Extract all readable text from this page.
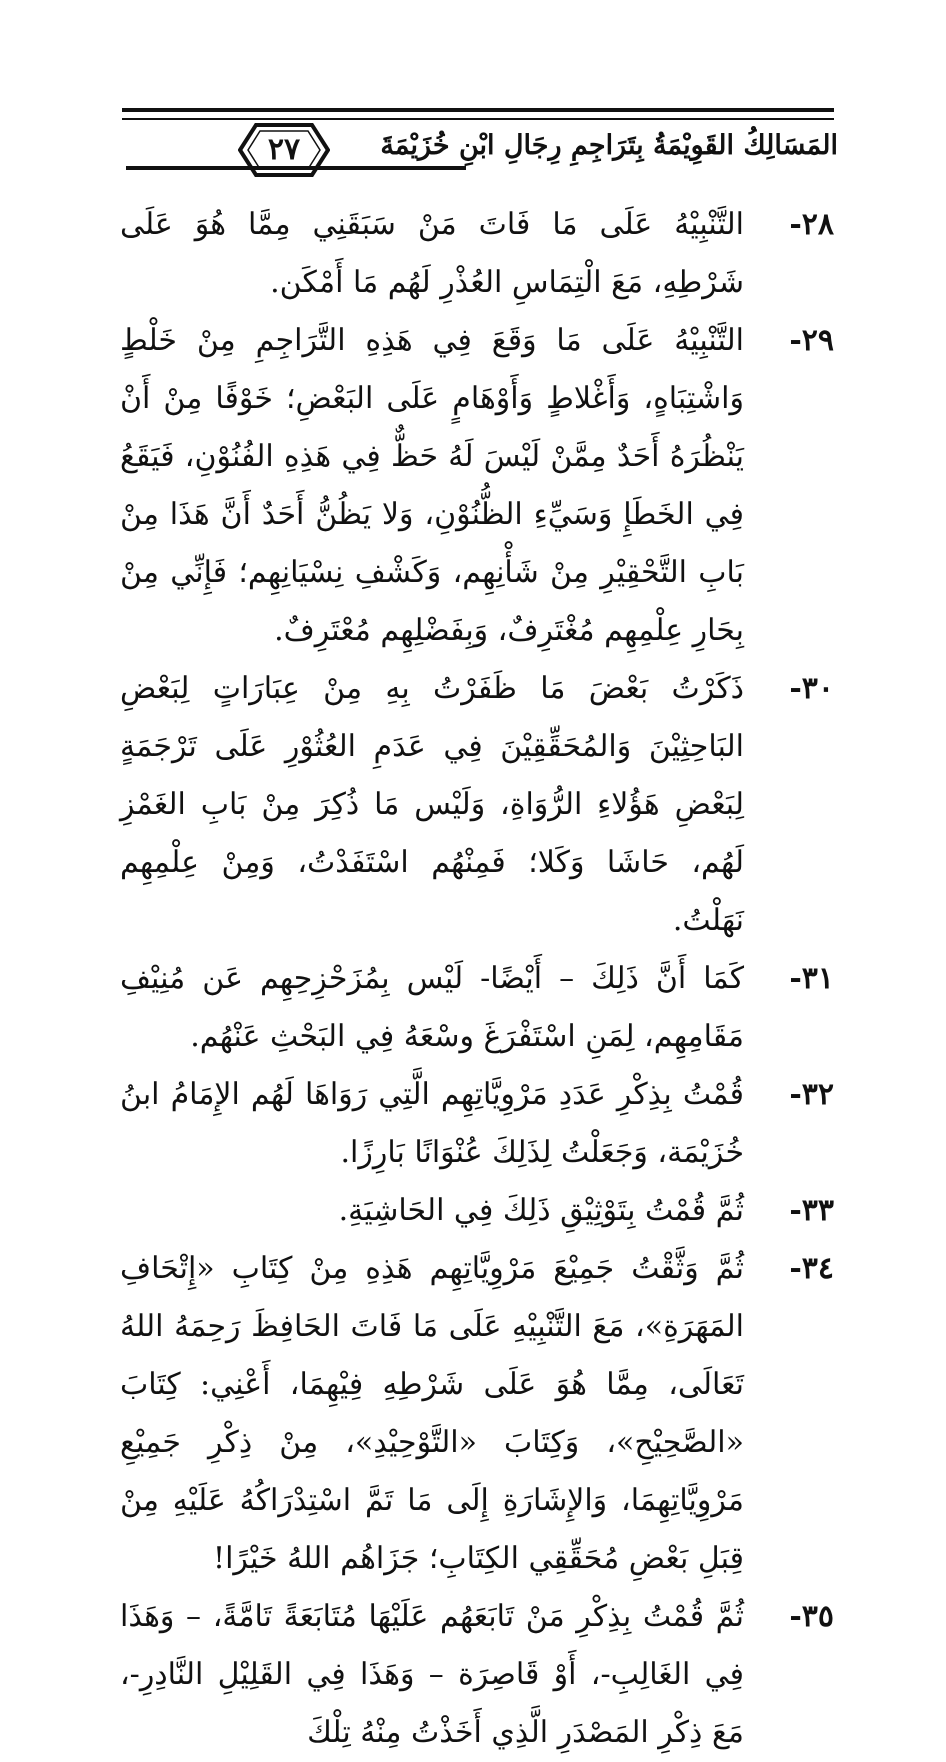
٢٧	المَسَالِكُ القَوِيْمَةُ بِتَرَاجِمِ رِجَالِ ابْنِ خُزَيْمَةَ

٢٨-
التَّنْبِيْهُ عَلَى مَا فَاتَ مَنْ سَبَقَنِي مِمَّا هُوَ عَلَى شَرْطِهِ، مَعَ الْتِمَاسِ العُذْرِ لَهُم مَا أَمْكَن.

٢٩-
التَّنْبِيْهُ عَلَى مَا وَقَعَ فِي هَذِهِ التَّرَاجِمِ مِنْ خَلْطٍ وَاشْتِبَاهٍ، وَأَغْلاطٍ وَأَوْهَامٍ عَلَى البَعْضِ؛ خَوْفًا مِنْ أَنْ يَنْظُرَهُ أَحَدٌ مِمَّنْ لَيْسَ لَهُ حَظٌّ فِي هَذِهِ الفُنُوْنِ، فَيَقَعُ فِي الخَطَإِ وَسَيِّءِ الظُّنُوْنِ، وَلا يَظُنُّ أَحَدٌ أَنَّ هَذَا مِنْ بَابِ التَّحْقِيْرِ مِنْ شَأْنِهِم، وَكَشْفِ نِسْيَانِهِم؛ فَإِنِّي مِنْ بِحَارِ عِلْمِهِم مُغْتَرِفٌ، وَبِفَضْلِهِم مُعْتَرِفٌ.

٣٠-
ذَكَرْتُ بَعْضَ مَا ظَفَرْتُ بِهِ مِنْ عِبَارَاتٍ لِبَعْضِ البَاحِثِيْنَ وَالمُحَقِّقِيْنَ فِي عَدَمِ العُثُوْرِ عَلَى تَرْجَمَةٍ لِبَعْضِ هَؤُلاءِ الرُّوَاةِ، وَلَيْس مَا ذُكِرَ مِنْ بَابِ الغَمْزِ لَهُم، حَاشَا وَكَلا؛ فَمِنْهُم اسْتَفَدْتُ، وَمِنْ عِلْمِهِم نَهَلْتُ.

٣١-
كَمَا أَنَّ ذَلِكَ – أَيْضًا- لَيْس بِمُزَحْزِحِهِم عَن مُنِيْفِ مَقَامِهِم، لِمَنِ اسْتَفْرَغَ وسْعَهُ فِي البَحْثِ عَنْهُم.

٣٢-
قُمْتُ بِذِكْرِ عَدَدِ مَرْوِيَّاتِهِم الَّتِي رَوَاهَا لَهُم الإِمَامُ ابنُ خُزَيْمَة، وَجَعَلْتُ لِذَلِكَ عُنْوَانًا بَارِزًا.

٣٣-
ثُمَّ قُمْتُ بِتَوْثِيْقِ ذَلِكَ فِي الحَاشِيَةِ.

٣٤-
ثُمَّ وَثَّقْتُ جَمِيْعَ مَرْوِيَّاتِهِم هَذِهِ مِنْ كِتَابِ «إِتْحَافِ المَهَرَةِ»، مَعَ التَّنْبِيْهِ عَلَى مَا فَاتَ الحَافِظَ رَحِمَهُ اللهُ تَعَالَى، مِمَّا هُوَ عَلَى شَرْطِهِ فِيْهِمَا، أَعْنِي: كِتَابَ «الصَّحِيْحِ»، وَكِتَابَ «التَّوْحِيْدِ»، مِنْ ذِكْرِ جَمِيْعِ مَرْوِيَّاتِهِمَا، وَالإِشَارَةِ إِلَى مَا تَمَّ اسْتِدْرَاكُهُ عَلَيْهِ مِنْ قِبَلِ بَعْضِ مُحَقِّقِي الكِتَابِ؛ جَزَاهُم اللهُ خَيْرًا!

٣٥-
ثُمَّ قُمْتُ بِذِكْرِ مَنْ تَابَعَهُم عَلَيْهَا مُتَابَعَةً تَامَّةً، – وَهَذَا فِي الغَالِبِ-، أَوْ قَاصِرَة – وَهَذَا فِي القَلِيْلِ النَّادِرِ-، مَعَ ذِكْرِ المَصْدَرِ الَّذِي أَخَذْتُ مِنْهُ تِلْكَ
